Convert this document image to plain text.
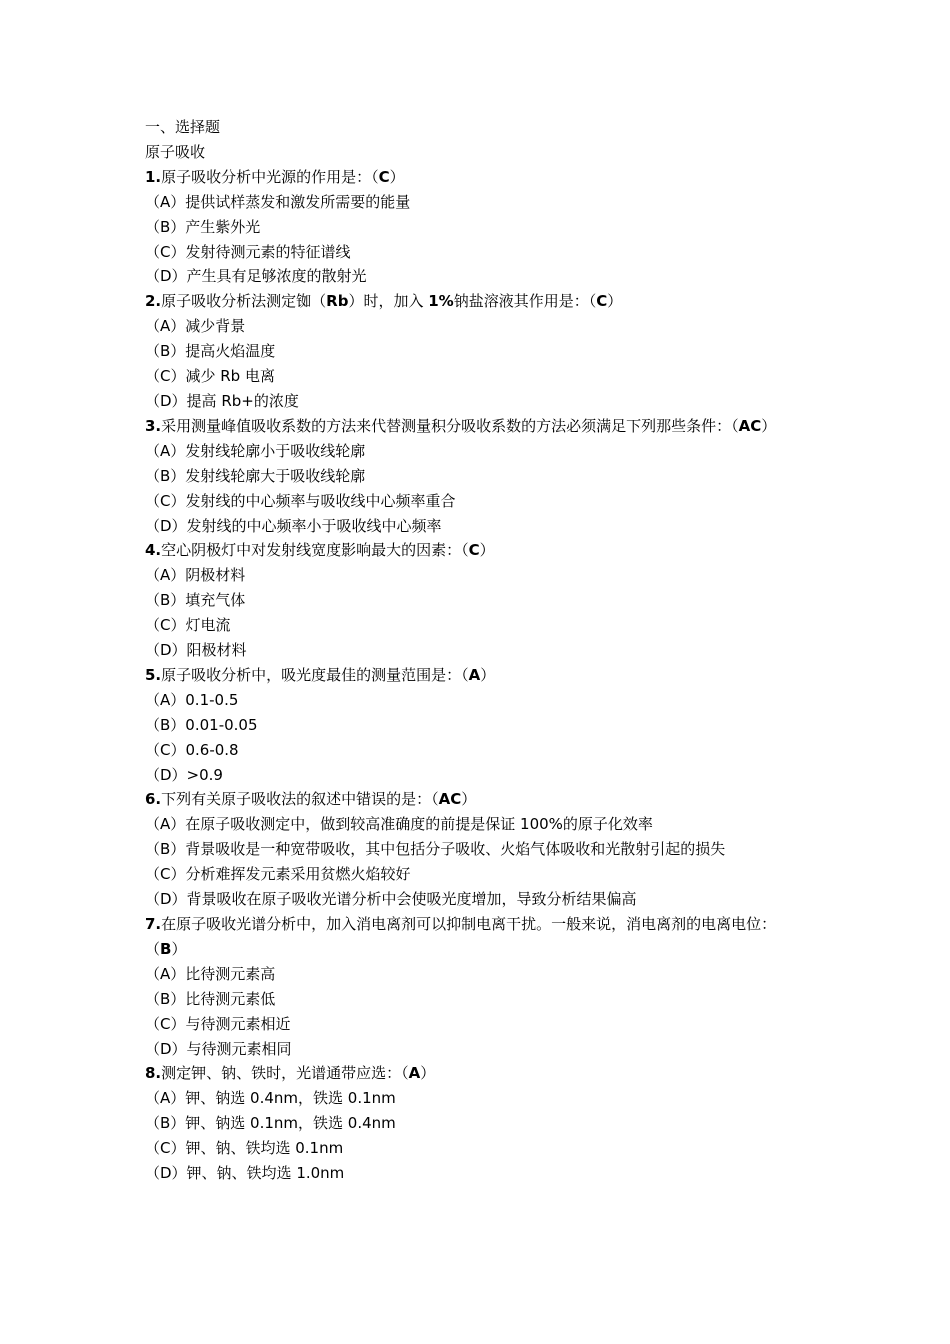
一、选择题
原子吸收
1.原子吸收分析中光源的作用是：（C）
（A）提供试样蒸发和激发所需要的能量
（B）产生紫外光
（C）发射待测元素的特征谱线
（D）产生具有足够浓度的散射光
2.原子吸收分析法测定铷（Rb）时，加入 1%钠盐溶液其作用是：（C）
（A）减少背景
（B）提高火焰温度
（C）减少 Rb 电离
（D）提高 Rb+的浓度
3.采用测量峰值吸收系数的方法来代替测量积分吸收系数的方法必须满足下列那些条件：（AC）
（A）发射线轮廓小于吸收线轮廓
（B）发射线轮廓大于吸收线轮廓
（C）发射线的中心频率与吸收线中心频率重合
（D）发射线的中心频率小于吸收线中心频率
4.空心阴极灯中对发射线宽度影响最大的因素：（C）
（A）阴极材料
（B）填充气体
（C）灯电流
（D）阳极材料
5.原子吸收分析中，吸光度最佳的测量范围是：（A）
（A）0.1-0.5
（B）0.01-0.05
（C）0.6-0.8
（D）>0.9
6.下列有关原子吸收法的叙述中错误的是：（AC）
（A）在原子吸收测定中，做到较高准确度的前提是保证 100%的原子化效率
（B）背景吸收是一种宽带吸收，其中包括分子吸收、火焰气体吸收和光散射引起的损失
（C）分析难挥发元素采用贫燃火焰较好
（D）背景吸收在原子吸收光谱分析中会使吸光度增加，导致分析结果偏高
7.在原子吸收光谱分析中，加入消电离剂可以抑制电离干扰。一般来说，消电离剂的电离电位：（B）
（A）比待测元素高
（B）比待测元素低
（C）与待测元素相近
（D）与待测元素相同
8.测定钾、钠、铁时，光谱通带应选：（A）
（A）钾、钠选 0.4nm，铁选 0.1nm
（B）钾、钠选 0.1nm，铁选 0.4nm
（C）钾、钠、铁均选 0.1nm
（D）钾、钠、铁均选 1.0nm
